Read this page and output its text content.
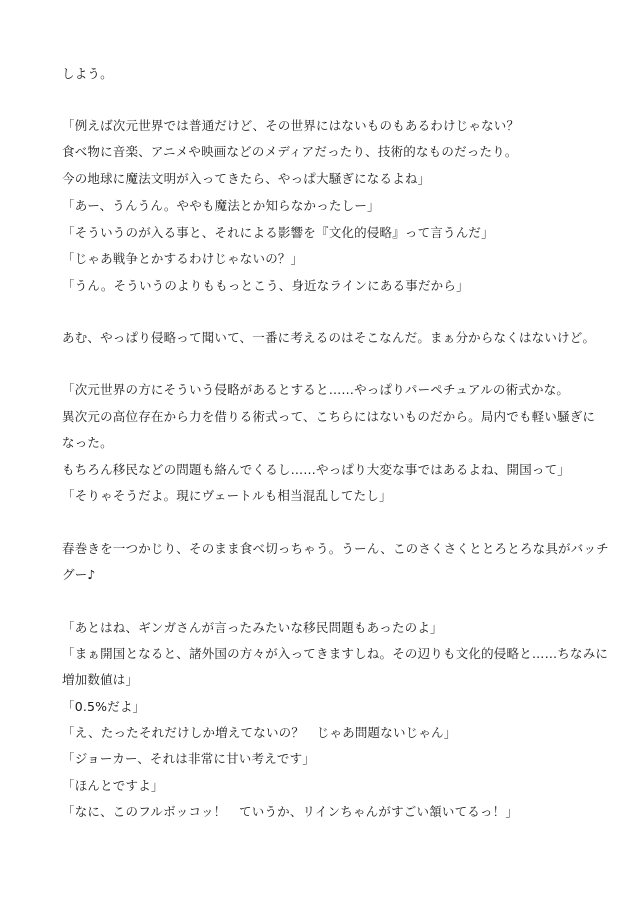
しよう。
「例えば次元世界では普通だけど、その世界にはないものもあるわけじゃない？
食べ物に音楽、アニメや映画などのメディアだったり、技術的なものだったり。
今の地球に魔法文明が入ってきたら、やっぱ大騒ぎになるよね」
「あー、うんうん。ややも魔法とか知らなかったしー」
「そういうのが入る事と、それによる影響を『文化的侵略』って言うんだ」
「じゃあ戦争とかするわけじゃないの？」
「うん。そういうのよりももっとこう、身近なラインにある事だから」
あむ、やっぱり侵略って聞いて、一番に考えるのはそこなんだ。まぁ分からなくはないけど。
「次元世界の方にそういう侵略があるとすると……やっぱりパーペチュアルの術式かな。
異次元の高位存在から力を借りる術式って、こちらにはないものだから。局内でも軽い騒ぎに
なった。
もちろん移民などの問題も絡んでくるし……やっぱり大変な事ではあるよね、開国って」
「そりゃそうだよ。現にヴェートルも相当混乱してたし」
春巻きを一つかじり、そのまま食べ切っちゃう。うーん、このさくさくととろとろな具がバッチ
グー♪
「あとはね、ギンガさんが言ったみたいな移民問題もあったのよ」
「まぁ開国となると、諸外国の方々が入ってきますしね。その辺りも文化的侵略と……ちなみに
増加数値は」
「0.5%だよ」
「え、たったそれだけしか増えてないの？　じゃあ問題ないじゃん」
「ジョーカー、それは非常に甘い考えです」
「ほんとですよ」
「なに、このフルボッコッ！　ていうか、リインちゃんがすごい頷いてるっ！」
